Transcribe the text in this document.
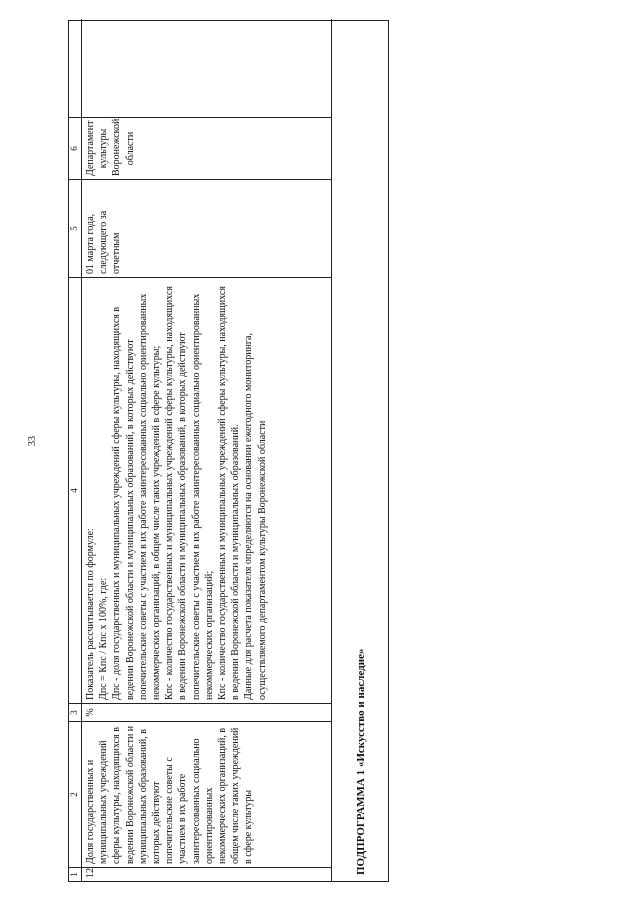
33
1
2
3
4
5
6
12
Доля государственных и муниципальных учреждений сферы культуры, находящихся в ведении Воронежской области и муниципальных образований, в которых действуют попечительские советы с участием в их работе заинтересованных социально ориентированных некоммерческих организаций, в общем числе таких учреждений в сфере культуры
%
Показатель рассчитывается по формуле: Дпс = Кпс / Кпс х 100%, где: Дпс - доля государственных и муниципальных учреждений сферы культуры, находящихся в ведении Воронежской области и муниципальных образований, в которых действуют попечительские советы с участием в их работе заинтересованных социально ориентированных некоммерческих организаций, в общем числе таких учреждений в сфере культуры; Кпс - количество государственных и муниципальных учреждений сферы культуры, находящихся в ведении Воронежской области и муниципальных образований, в которых действуют попечительские советы с участием в их работе заинтересованных социально ориентированных некоммерческих организаций; Кпс - количество государственных и муниципальных учреждений сферы культуры, находящихся в ведении Воронежской области и муниципальных образований. Данные для расчета показателя определяются на основании ежегодного мониторинга, осуществляемого департаментом культуры Воронежской области
01 марта года, следующего за отчетным
Департамент культуры Воронежской области
ПОДПРОГРАММА 1 «Искусство и наследие»
